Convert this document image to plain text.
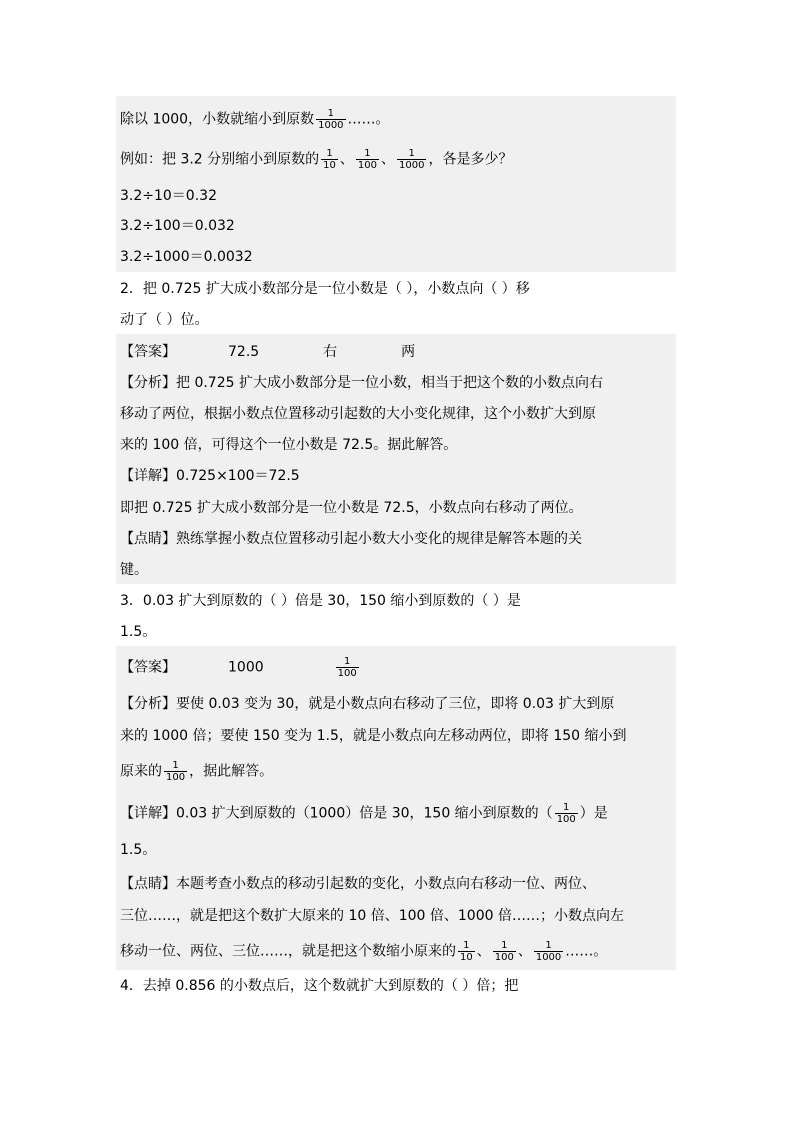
除以 1000，小数就缩小到原数 $\frac{1}{1000}$ ……。
例如：把 3.2 分别缩小到原数的 $\frac{1}{10}$ 、 $\frac{1}{100}$ 、 $\frac{1}{1000}$ ，各是多少？
3.2÷10＝0.32
3.2÷100＝0.032
3.2÷1000＝0.0032
2．把 0.725 扩大成小数部分是一位小数是（ ），小数点向（ ）移
动了（ ）位。
【答案】	72.5	右	两
【分析】把 0.725 扩大成小数部分是一位小数，相当于把这个数的小数点向右
移动了两位，根据小数点位置移动引起数的大小变化规律，这个小数扩大到原
来的 100 倍，可得这个一位小数是 72.5。据此解答。
【详解】0.725×100＝72.5
即把 0.725 扩大成小数部分是一位小数是 72.5，小数点向右移动了两位。
【点睛】熟练掌握小数点位置移动引起小数大小变化的规律是解答本题的关
键。
3．0.03 扩大到原数的（ ）倍是 30，150 缩小到原数的（ ）是
1.5。
【答案】	1000	$\frac{1}{100}$
【分析】要使 0.03 变为 30，就是小数点向右移动了三位，即将 0.03 扩大到原
来的 1000 倍；要使 150 变为 1.5，就是小数点向左移动两位，即将 150 缩小到
原来的 $\frac{1}{100}$ ，据此解答。
【详解】0.03 扩大到原数的（1000）倍是 30，150 缩小到原数的（ $\frac{1}{100}$ ）是
1.5。
【点睛】本题考查小数点的移动引起数的变化，小数点向右移动一位、两位、
三位……，就是把这个数扩大原来的 10 倍、100 倍、1000 倍……；小数点向左
移动一位、两位、三位……，就是把这个数缩小原来的 $\frac{1}{10}$ 、 $\frac{1}{100}$ 、 $\frac{1}{1000}$ ……。
4．去掉 0.856 的小数点后，这个数就扩大到原数的（ ）倍；把
